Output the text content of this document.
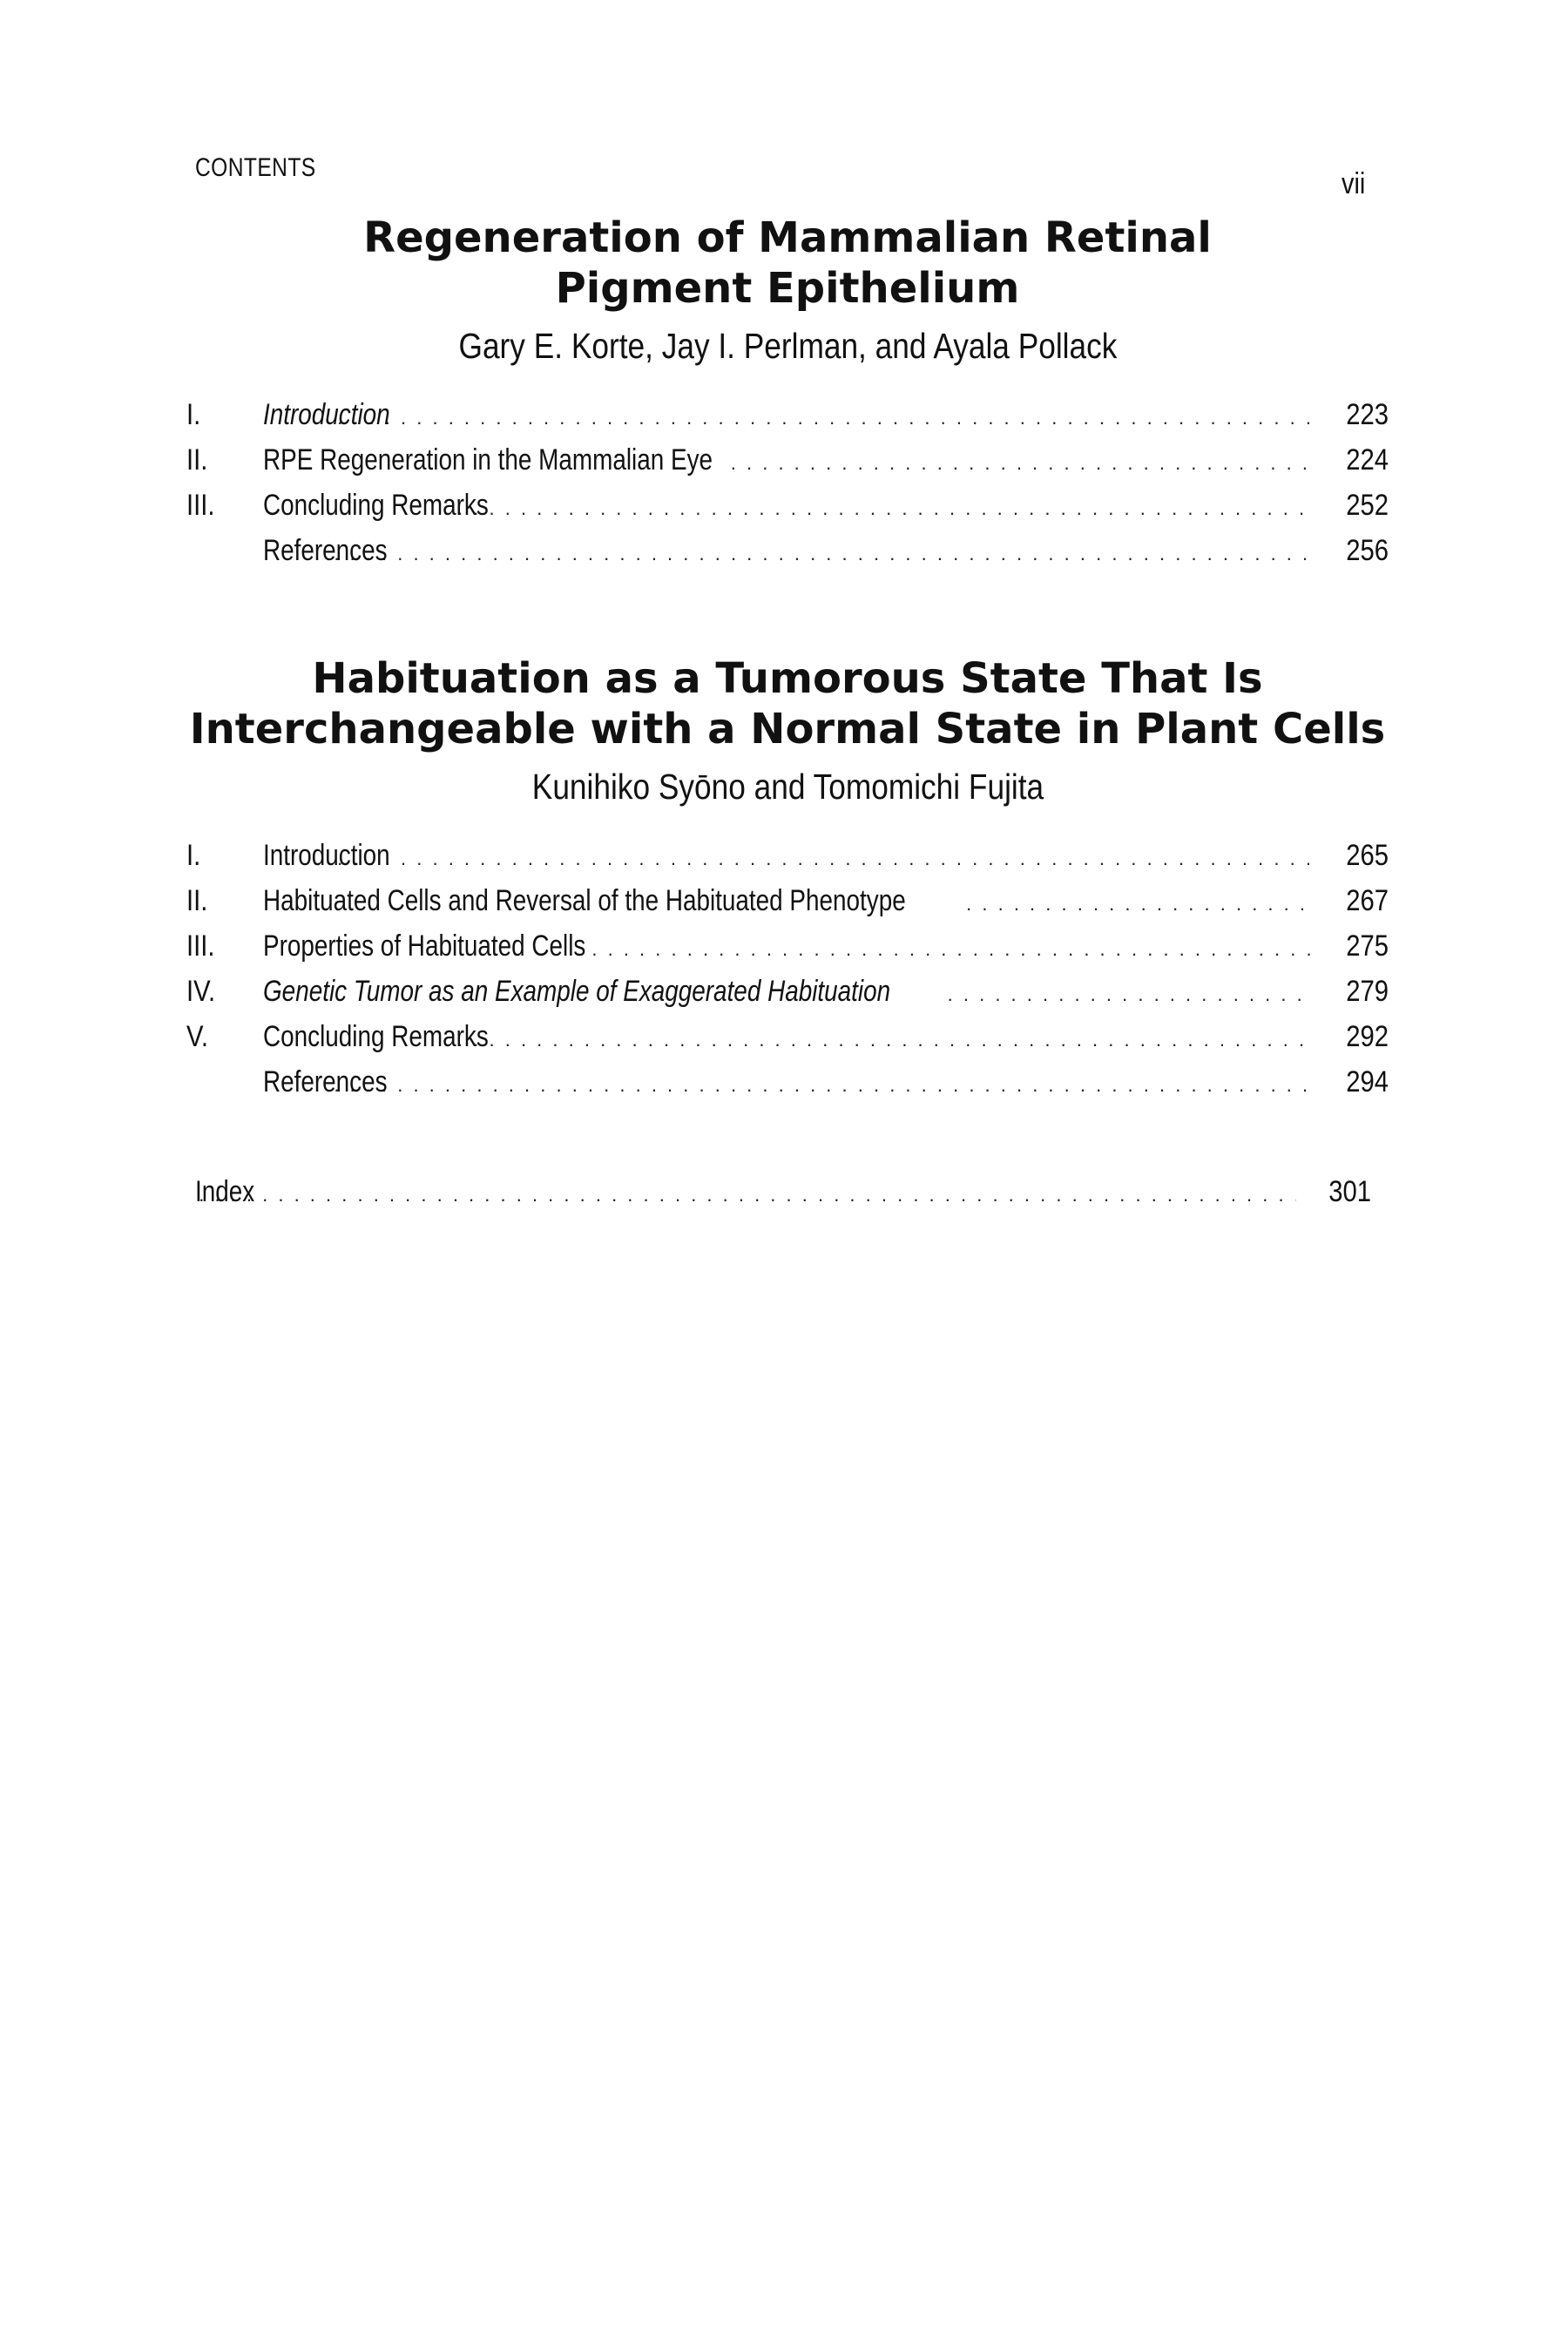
CONTENTS	vii
Regeneration of Mammalian Retinal
Pigment Epithelium

Gary E. Korte, Jay I. Perlman, and Ayala Pollack

I.	Introduction . . .	223
II.	RPE Regeneration in the Mammalian Eye . . .	224
III.	Concluding Remarks . . .	252
References . . .	256
Habituation as a Tumorous State That Is
Interchangeable with a Normal State in Plant Cells

Kunihiko Syōno and Tomomichi Fujita

I.	Introduction . . .	265
II.	Habituated Cells and Reversal of the Habituated Phenotype . . .	267
III.	Properties of Habituated Cells . . .	275
IV.	Genetic Tumor as an Example of Exaggerated Habituation . . .	279
V.	Concluding Remarks . . .	292
References . . .	294
Index . . .	301
